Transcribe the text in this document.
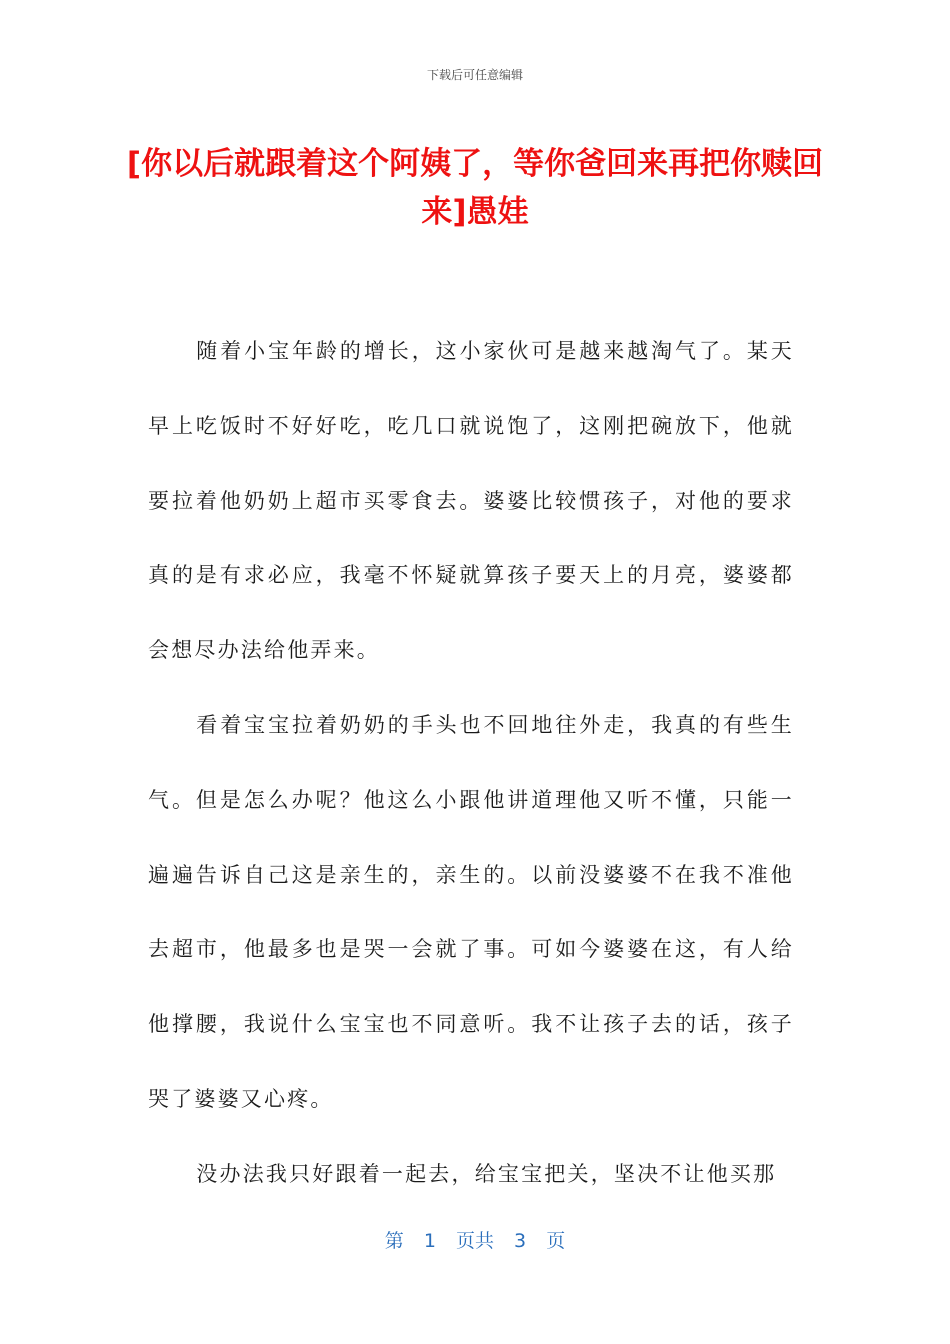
下载后可任意编辑
[你以后就跟着这个阿姨了，等你爸回来再把你赎回来]愚娃

随着小宝年龄的增长，这小家伙可是越来越淘气了。某天早上吃饭时不好好吃，吃几口就说饱了，这刚把碗放下，他就要拉着他奶奶上超市买零食去。婆婆比较惯孩子，对他的要求真的是有求必应，我毫不怀疑就算孩子要天上的月亮，婆婆都会想尽办法给他弄来。

看着宝宝拉着奶奶的手头也不回地往外走，我真的有些生气。但是怎么办呢？他这么小跟他讲道理他又听不懂，只能一遍遍告诉自己这是亲生的，亲生的。以前没婆婆不在我不准他去超市，他最多也是哭一会就了事。可如今婆婆在这，有人给他撑腰，我说什么宝宝也不同意听。我不让孩子去的话，孩子哭了婆婆又心疼。

没办法我只好跟着一起去，给宝宝把关，坚决不让他买那

第 1 页共 3 页
